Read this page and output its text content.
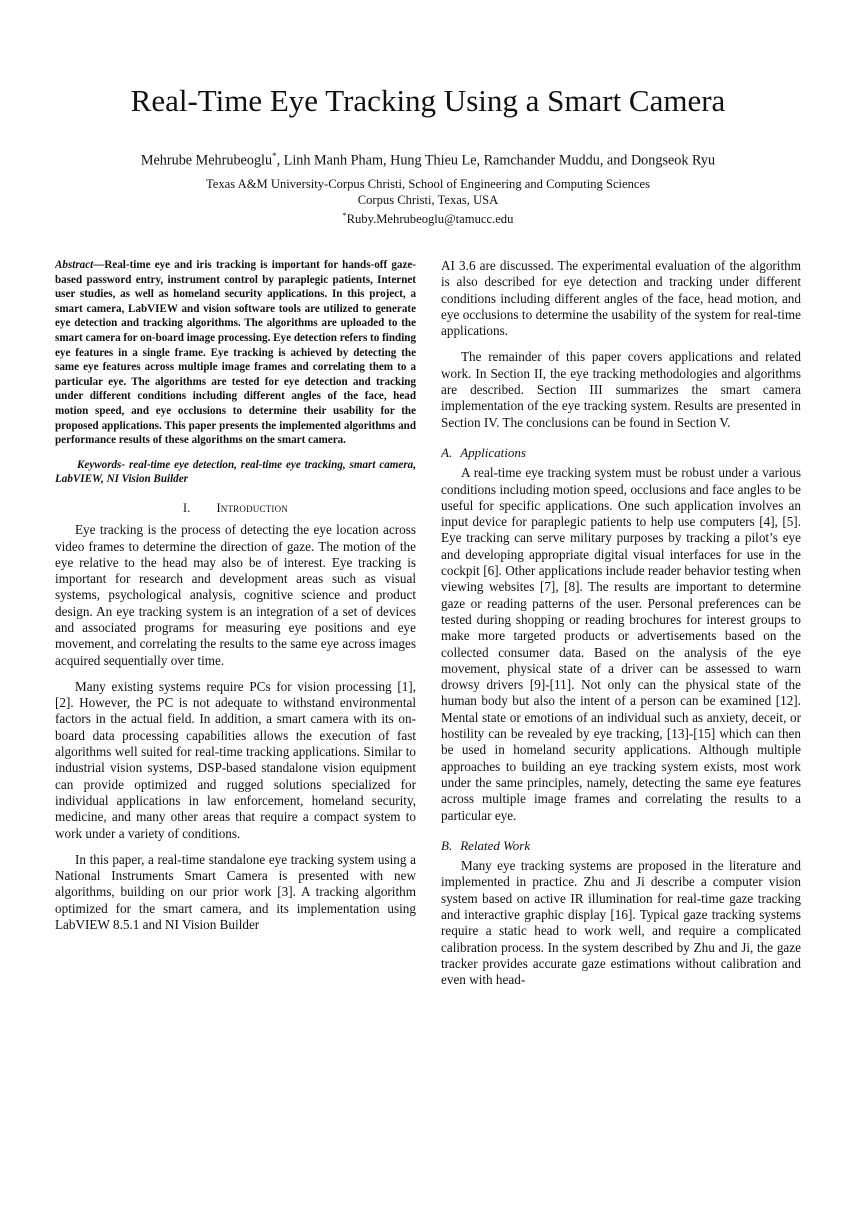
Real-Time Eye Tracking Using a Smart Camera
Mehrube Mehrubeoglu*, Linh Manh Pham, Hung Thieu Le, Ramchander Muddu, and Dongseok Ryu
Texas A&M University-Corpus Christi, School of Engineering and Computing Sciences
Corpus Christi, Texas, USA
*Ruby.Mehrubeoglu@tamucc.edu

Abstract—Real-time eye and iris tracking is important for hands-off gaze-based password entry, instrument control by paraplegic patients, Internet user studies, as well as homeland security applications. In this project, a smart camera, LabVIEW and vision software tools are utilized to generate eye detection and tracking algorithms. The algorithms are uploaded to the smart camera for on-board image processing. Eye detection refers to finding eye features in a single frame. Eye tracking is achieved by detecting the same eye features across multiple image frames and correlating them to a particular eye. The algorithms are tested for eye detection and tracking under different conditions including different angles of the face, head motion speed, and eye occlusions to determine their usability for the proposed applications. This paper presents the implemented algorithms and performance results of these algorithms on the smart camera.

Keywords- real-time eye detection, real-time eye tracking, smart camera, LabVIEW, NI Vision Builder

I. Introduction

Eye tracking is the process of detecting the eye location across video frames to determine the direction of gaze. The motion of the eye relative to the head may also be of interest. Eye tracking is important for research and development areas such as visual systems, psychological analysis, cognitive science and product design. An eye tracking system is an integration of a set of devices and associated programs for measuring eye positions and eye movement, and correlating the results to the same eye across images acquired sequentially over time.

Many existing systems require PCs for vision processing [1], [2]. However, the PC is not adequate to withstand environmental factors in the actual field. In addition, a smart camera with its on-board data processing capabilities allows the execution of fast algorithms well suited for real-time tracking applications. Similar to industrial vision systems, DSP-based standalone vision equipment can provide optimized and rugged solutions specialized for individual applications in law enforcement, homeland security, medicine, and many other areas that require a compact system to work under a variety of conditions.

In this paper, a real-time standalone eye tracking system using a National Instruments Smart Camera is presented with new algorithms, building on our prior work [3]. A tracking algorithm optimized for the smart camera, and its implementation using LabVIEW 8.5.1 and NI Vision Builder

AI 3.6 are discussed. The experimental evaluation of the algorithm is also described for eye detection and tracking under different conditions including different angles of the face, head motion, and eye occlusions to determine the usability of the system for real-time applications.

The remainder of this paper covers applications and related work. In Section II, the eye tracking methodologies and algorithms are described. Section III summarizes the smart camera implementation of the eye tracking system. Results are presented in Section IV. The conclusions can be found in Section V.

A. Applications

A real-time eye tracking system must be robust under a various conditions including motion speed, occlusions and face angles to be useful for specific applications. One such application involves an input device for paraplegic patients to help use computers [4], [5]. Eye tracking can serve military purposes by tracking a pilot’s eye and developing appropriate digital visual interfaces for use in the cockpit [6]. Other applications include reader behavior testing when viewing websites [7], [8]. The results are important to determine gaze or reading patterns of the user. Personal preferences can be tested during shopping or reading brochures for interest groups to make more targeted products or advertisements based on the collected consumer data. Based on the analysis of the eye movement, physical state of a driver can be assessed to warn drowsy drivers [9]-[11]. Not only can the physical state of the human body but also the intent of a person can be examined [12]. Mental state or emotions of an individual such as anxiety, deceit, or hostility can be revealed by eye tracking, [13]-[15] which can then be used in homeland security applications. Although multiple approaches to building an eye tracking system exists, most work under the same principles, namely, detecting the same eye features across multiple image frames and correlating the results to a particular eye.

B. Related Work

Many eye tracking systems are proposed in the literature and implemented in practice. Zhu and Ji describe a computer vision system based on active IR illumination for real-time gaze tracking and interactive graphic display [16]. Typical gaze tracking systems require a static head to work well, and require a complicated calibration process. In the system described by Zhu and Ji, the gaze tracker provides accurate gaze estimations without calibration and even with head-
